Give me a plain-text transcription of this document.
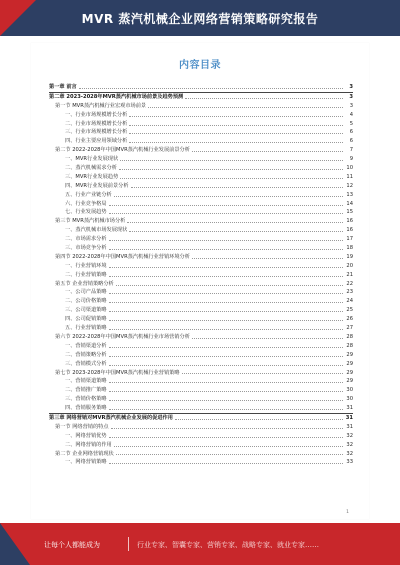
MVR 蒸汽机械企业网络营销策略研究报告
内容目录
第一章 前言	3
第二章 2023-2028年MVR蒸汽机械市场前景及趋势预测	3
第一节 MVR蒸汽机械行业宏观市场前景	3
一、行业市场规模增长分析	4
二、行业市场规模增长分析	5
三、行业市场规模增长分析	6
四、行业主要应用领域分析	6
第二节 2022-2028年中国MVR蒸汽机械行业发展前景分析	7
一、MVR行业发展现状	9
二、蒸汽机械需求分析	10
三、MVR行业发展趋势	11
四、MVR行业发展前景分析	12
五、行业产业链分析	13
六、行业竞争格局	14
七、行业发展趋势	15
第三节 MVR蒸汽机械市场分析	16
一、蒸汽机械市场发展现状	16
二、市场需求分析	17
三、市场竞争分析	18
第四节 2022-2028年中国MVR蒸汽机械行业营销环境分析	19
一、行业营销环境	20
二、行业营销策略	21
第五节 企业营销策略分析	22
一、公司产品策略	23
二、公司价格策略	24
三、公司渠道策略	25
四、公司促销策略	26
五、行业营销策略	27
第六节 2022-2028年中国MVR蒸汽机械行业市场营销分析	28
一、营销渠道分析	28
二、营销策略分析	29
三、营销模式分析	29
第七节 2023-2028年中国MVR蒸汽机械行业营销策略	29
一、营销渠道策略	29
二、营销推广策略	30
三、营销价格策略	30
四、营销服务策略	31
第三章 网络营销对MVR蒸汽机械企业发展的促进作用	31
第一节 网络营销的特点	31
一、网络营销优势	32
二、网络营销的作用	32
第二节 企业网络营销现状	32
一、网络营销策略	33
1
让每个人都能成为	行业专家、智囊专家、营销专家、战略专家、就业专家……
